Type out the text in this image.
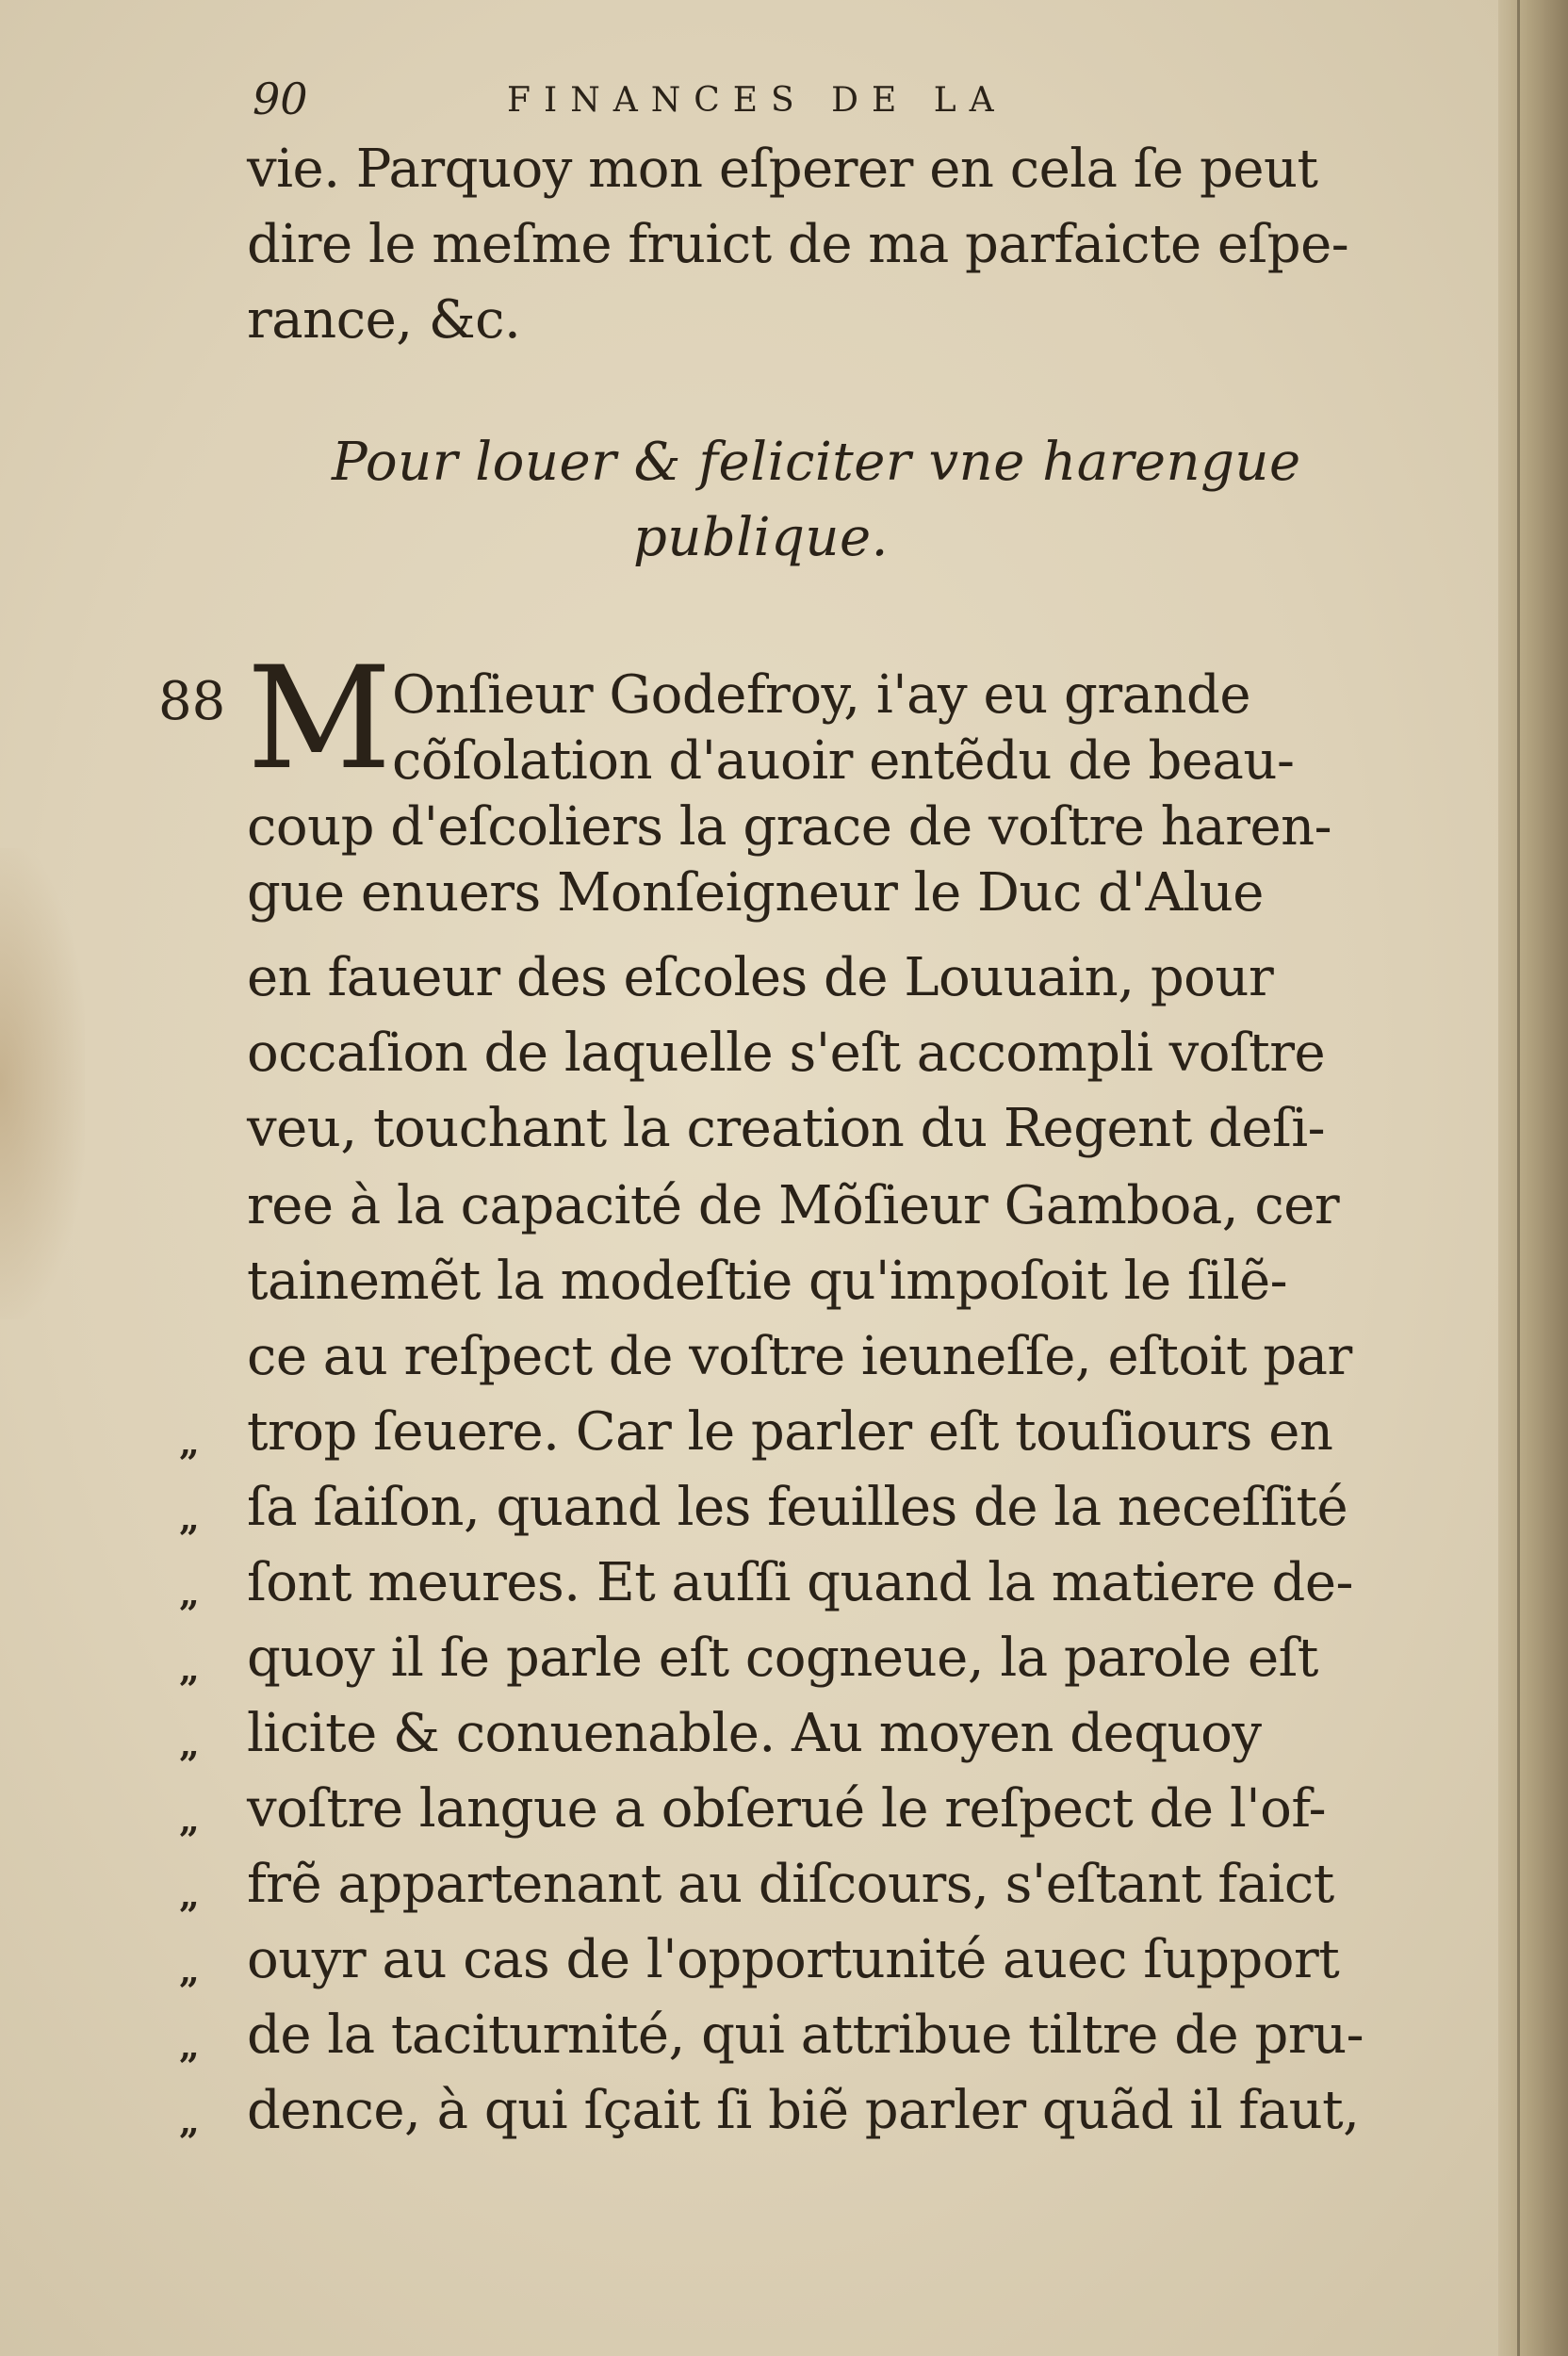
90	FINANCES DE LA
vie. Parquoy mon eſperer en cela ſe peut
dire le meſme fruict de ma parfaicte eſpe-
rance, &c.
Pour louer & feliciter vne harengue
publique.
88 M Onſieur Godefroy, i'ay eu grande
cõſolation d'auoir entẽdu de beau-
coup d'eſcoliers la grace de voſtre haren-
gue enuers Monſeigneur le Duc d'Alue
en faueur des eſcoles de Louuain, pour
occaſion de laquelle s'eſt accompli voſtre
veu, touchant la creation du Regent deſi-
ree à la capacité de Mõſieur Gamboa, cer
tainemẽt la modeſtie qu'impoſoit le ſilẽ-
ce au reſpect de voſtre ieuneſſe, eſtoit par
trop ſeuere. Car le parler eſt touſiours en
ſa ſaiſon, quand les feuilles de la neceſſité
ſont meures. Et auſſi quand la matiere de-
quoy il ſe parle eſt cogneue, la parole eſt
licite & conuenable. Au moyen dequoy
voſtre langue a obſerué le reſpect de l'of-
frẽ appartenant au diſcours, s'eſtant faict
ouyr au cas de l'opportunité auec ſupport
de la taciturnité, qui attribue tiltre de pru-
dence, à qui ſçait ſi biẽ parler quãd il faut,
„
„
„
„
„
„
„
„
„
„
